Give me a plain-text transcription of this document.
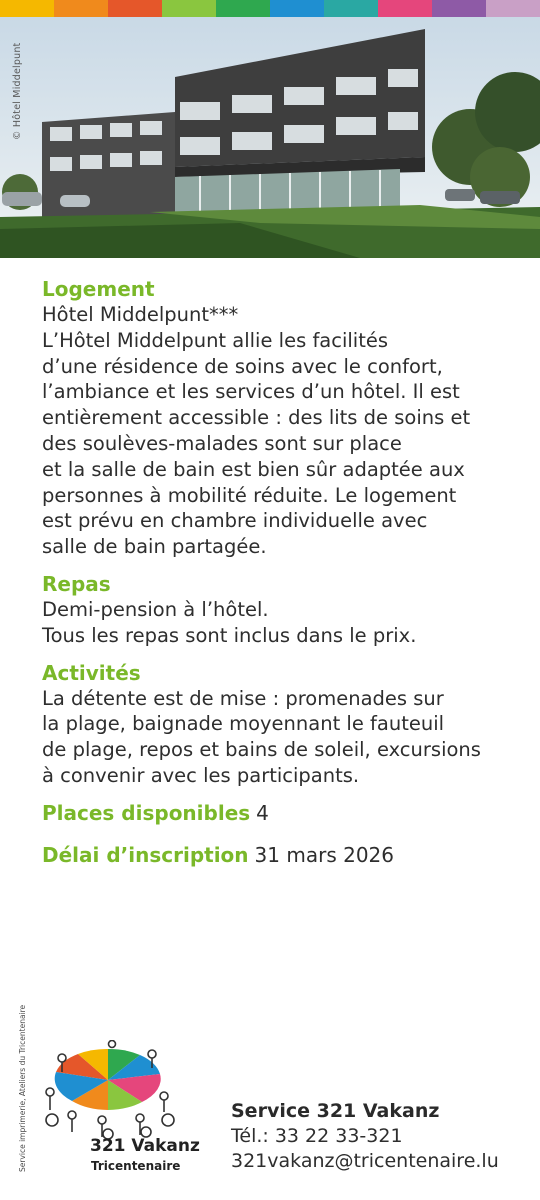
© Hôtel Middelpunt
Logement
Hôtel Middelpunt***
L’Hôtel Middelpunt allie les facilités
d’une résidence de soins avec le confort,
l’ambiance et les services d’un hôtel. Il est
entièrement accessible : des lits de soins et
des soulèves-malades sont sur place
et la salle de bain est bien sûr adaptée aux
personnes à mobilité réduite. Le logement
est prévu en chambre individuelle avec
salle de bain partagée.
Repas
Demi-pension à l’hôtel.
Tous les repas sont inclus dans le prix.
Activités
La détente est de mise : promenades sur
la plage, baignade moyennant le fauteuil
de plage, repos et bains de soleil, excursions
à convenir avec les participants.
Places disponibles 4
Délai d’inscription 31 mars 2026
Service imprimerie, Ateliers du Tricentenaire	321 Vakanz
Tricentenaire
Service 321 Vakanz
Tél.: 33 22 33-321
321vakanz@tricentenaire.lu
